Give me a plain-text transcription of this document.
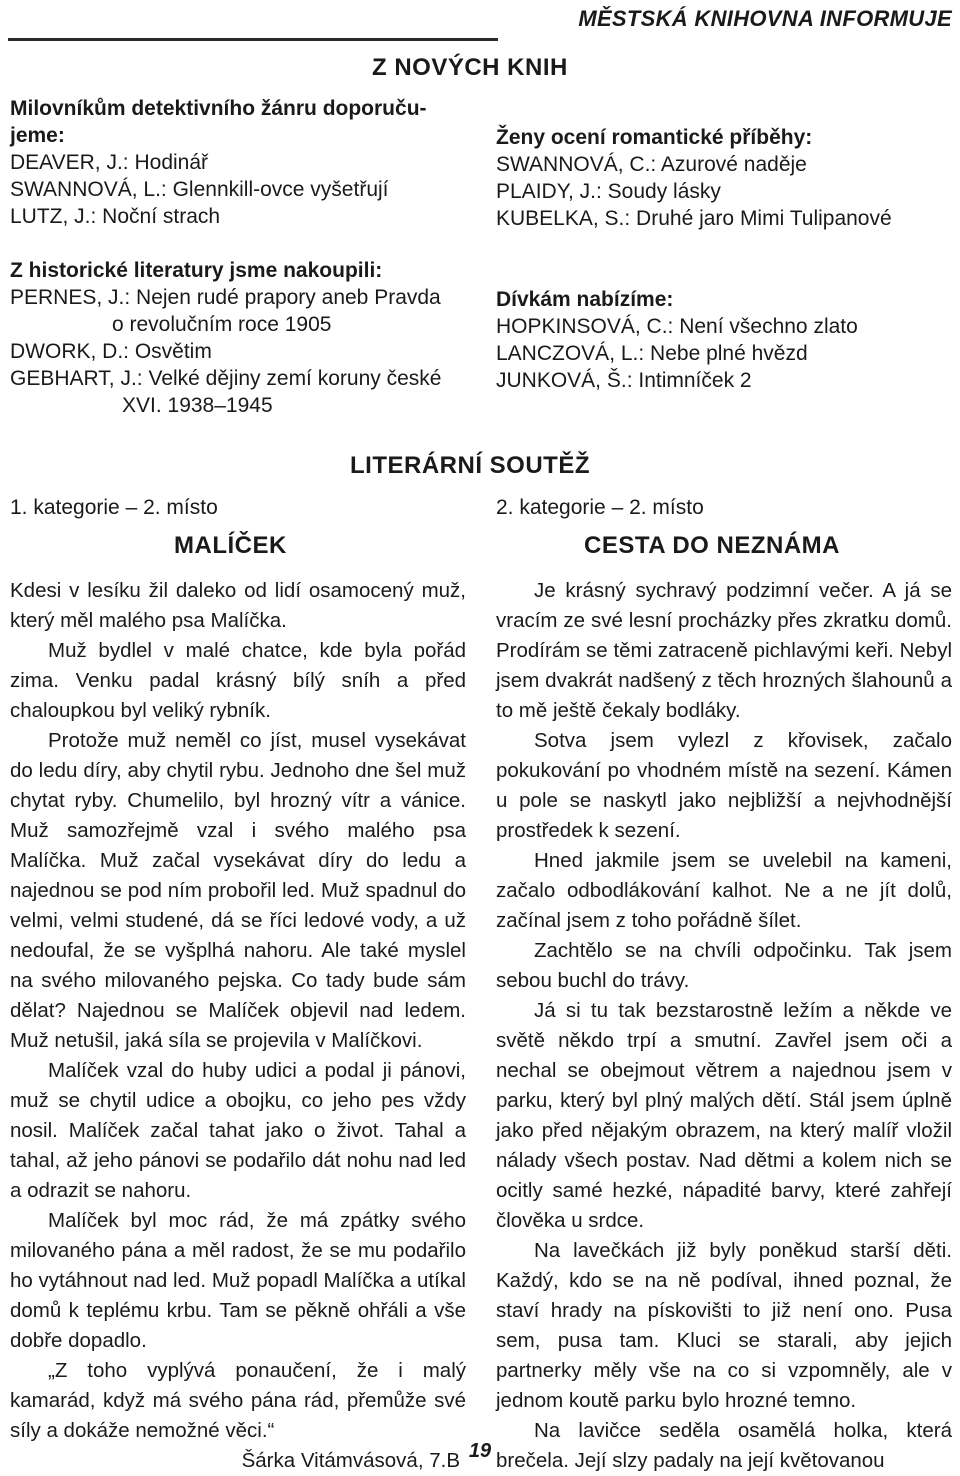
MĚSTSKÁ KNIHOVNA INFORMUJE
Z NOVÝCH KNIH
Milovníkům detektivního žánru doporuču-
jeme:
DEAVER, J.: Hodinář
SWANNOVÁ, L.: Glennkill-ovce vyšetřují
LUTZ, J.: Noční strach
Z historické literatury jsme nakoupili:
PERNES, J.: Nejen rudé prapory aneb Pravda
o revolučním roce 1905
DWORK, D.: Osvětim
GEBHART, J.: Velké dějiny zemí koruny české
XVI. 1938–1945
Ženy ocení romantické příběhy:
SWANNOVÁ, C.: Azurové naděje
PLAIDY, J.: Soudy lásky
KUBELKA, S.: Druhé jaro Mimi Tulipanové
Dívkám nabízíme:
HOPKINSOVÁ, C.: Není všechno zlato
LANCZOVÁ, L.: Nebe plné hvězd
JUNKOVÁ, Š.: Intimníček 2
LITERÁRNÍ SOUTĚŽ
1. kategorie – 2. místo	2. kategorie – 2. místo
MALÍČEK	CESTA DO NEZNÁMA

Kdesi v lesíku žil daleko od lidí osamocený muž, který měl malého psa Malíčka.

Muž bydlel v malé chatce, kde byla pořád zima. Venku padal krásný bílý sníh a před chaloupkou byl veliký rybník.

Protože muž neměl co jíst, musel vysekávat do ledu díry, aby chytil rybu. Jednoho dne šel muž chytat ryby. Chumelilo, byl hrozný vítr a vánice. Muž samozřejmě vzal i svého malého psa Malíčka. Muž začal vysekávat díry do ledu a najednou se pod ním probořil led. Muž spadnul do velmi, velmi studené, dá se říci ledové vody, a už nedoufal, že se vyšplhá nahoru. Ale také myslel na svého milovaného pejska. Co tady bude sám dělat? Najednou se Malíček objevil nad ledem. Muž netušil, jaká síla se projevila v Malíčkovi.

Malíček vzal do huby udici a podal ji pánovi, muž se chytil udice a obojku, co jeho pes vždy nosil. Malíček začal tahat jako o život. Tahal a tahal, až jeho pánovi se podařilo dát nohu nad led a odrazit se nahoru.

Malíček byl moc rád, že má zpátky svého milovaného pána a měl radost, že se mu podařilo ho vytáhnout nad led. Muž popadl Malíčka a utíkal domů k teplému krbu. Tam se pěkně ohřáli a vše dobře dopadlo.

„Z toho vyplývá ponaučení, že i malý kamarád, když má svého pána rád, přemůže své síly a dokáže nemožné věci.“

Šárka Vitámvásová, 7.B

Je krásný sychravý podzimní večer. A já se vracím ze své lesní procházky přes zkratku domů. Prodírám se těmi zatraceně pichlavými keři. Nebyl jsem dvakrát nadšený z těch hrozných šlahounů a to mě ještě čekaly bodláky.

Sotva jsem vylezl z křovisek, začalo pokukování po vhodném místě na sezení. Kámen u pole se naskytl jako nejbližší a nejvhodnější prostředek k sezení.

Hned jakmile jsem se uvelebil na kameni, začalo odbodlákování kalhot. Ne a ne jít dolů, začínal jsem z toho pořádně šílet.

Zachtělo se na chvíli odpočinku. Tak jsem sebou buchl do trávy.

Já si tu tak bezstarostně ležím a někde ve světě někdo trpí a smutní. Zavřel jsem oči a nechal se obejmout větrem a najednou jsem v parku, který byl plný malých dětí. Stál jsem úplně jako před nějakým obrazem, na který malíř vložil nálady všech postav. Nad dětmi a kolem nich se ocitly samé hezké, nápadité barvy, které zahřejí člověka u srdce.

Na lavečkách již byly poněkud starší děti. Každý, kdo se na ně podíval, ihned poznal, že staví hrady na pískovišti to již není ono. Pusa sem, pusa tam. Kluci se starali, aby jejich partnerky měly vše na co si vzpomněly, ale v jednom koutě parku bylo hrozné temno.

Na lavičce seděla osamělá holka, která brečela. Její slzy padaly na její květovanou

19
